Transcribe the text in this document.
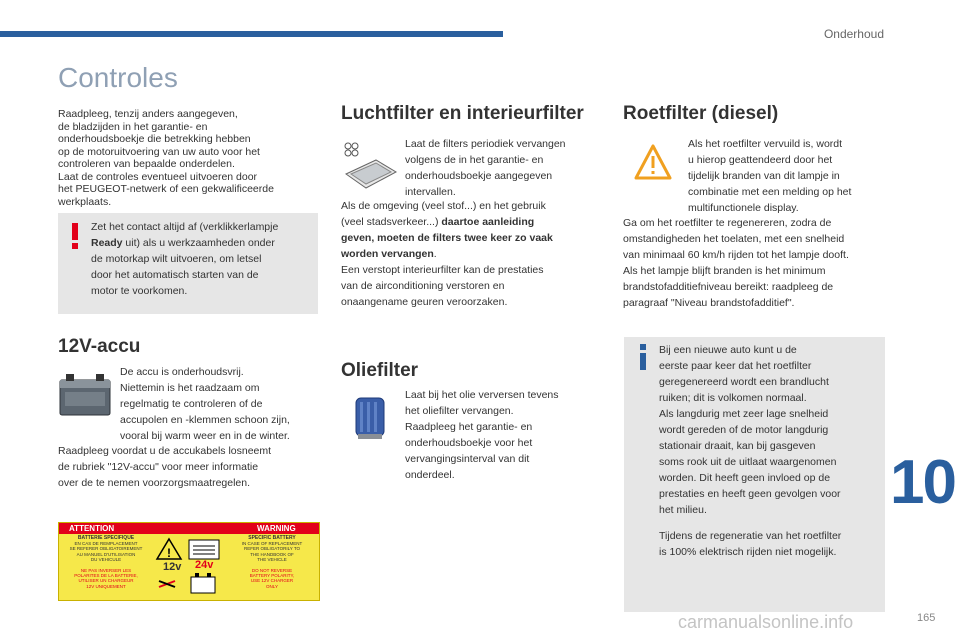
Onderhoud
Controles
Raadpleeg, tenzij anders aangegeven,
de bladzijden in het garantie- en
onderhoudsboekje die betrekking hebben
op de motoruitvoering van uw auto voor het
controleren van bepaalde onderdelen.
Laat de controles eventueel uitvoeren door
het PEUGEOT-netwerk of een gekwalificeerde
werkplaats.
Zet het contact altijd af (verklikkerlampje
Ready uit) als u werkzaamheden onder
de motorkap wilt uitvoeren, om letsel
door het automatisch starten van de
motor te voorkomen.
12V-accu
De accu is onderhoudsvrij.
Niettemin is het raadzaam om
regelmatig te controleren of de
accupolen en -klemmen schoon zijn,
vooral bij warm weer en in de winter.
Raadpleeg voordat u de accukabels losneemt
de rubriek "12V-accu" voor meer informatie
over de te nemen voorzorgsmaatregelen.
ATTENTION	WARNING
BATTERIE SPECIFIQUE
EN CAS DE REMPLACEMENT
SE REFERER OBLIGATOIREMENT
AU MANUEL D'UTILISATION
DU VEHICULE
NE PAS INVERSER LES
POLARITES DE LA BATTERIE,
UTILISER UN CHARGEUR
12V UNIQUEMENT
SPECIFIC BATTERY
IN CASE OF REPLACEMENT
REFER OBLIGATORILY TO
THE HANDBOOK OF
THE VEHICLE
DO NOT REVERSE
BATTERY POLARITY,
USE 12V CHARGER
ONLY
!
12v 24v
Luchtfilter en interieurfilter
Laat de filters periodiek vervangen
volgens de in het garantie- en
onderhoudsboekje aangegeven
intervallen.
Als de omgeving (veel stof...) en het gebruik
(veel stadsverkeer...) daartoe aanleiding
geven, moeten de filters twee keer zo vaak
worden vervangen.
Een verstopt interieurfilter kan de prestaties
van de airconditioning verstoren en
onaangename geuren veroorzaken.
Oliefilter
Laat bij het olie verversen tevens
het oliefilter vervangen.
Raadpleeg het garantie- en
onderhoudsboekje voor het
vervangingsinterval van dit
onderdeel.
Roetfilter (diesel)
Als het roetfilter vervuild is, wordt
u hierop geattendeerd door het
tijdelijk branden van dit lampje in
combinatie met een melding op het
multifunctionele display.
Ga om het roetfilter te regenereren, zodra de
omstandigheden het toelaten, met een snelheid
van minimaal 60 km/h rijden tot het lampje dooft.
Als het lampje blijft branden is het minimum
brandstofadditiefniveau bereikt: raadpleeg de
paragraaf "Niveau brandstofadditief".
Bij een nieuwe auto kunt u de
eerste paar keer dat het roetfilter
geregenereerd wordt een brandlucht
ruiken; dit is volkomen normaal.
Als langdurig met zeer lage snelheid
wordt gereden of de motor langdurig
stationair draait, kan bij gasgeven
soms rook uit de uitlaat waargenomen
worden. Dit heeft geen invloed op de
prestaties en heeft geen gevolgen voor
het milieu.
Tijdens de regeneratie van het roetfilter
is 100% elektrisch rijden niet mogelijk.
10
carmanualsonline.info	165
